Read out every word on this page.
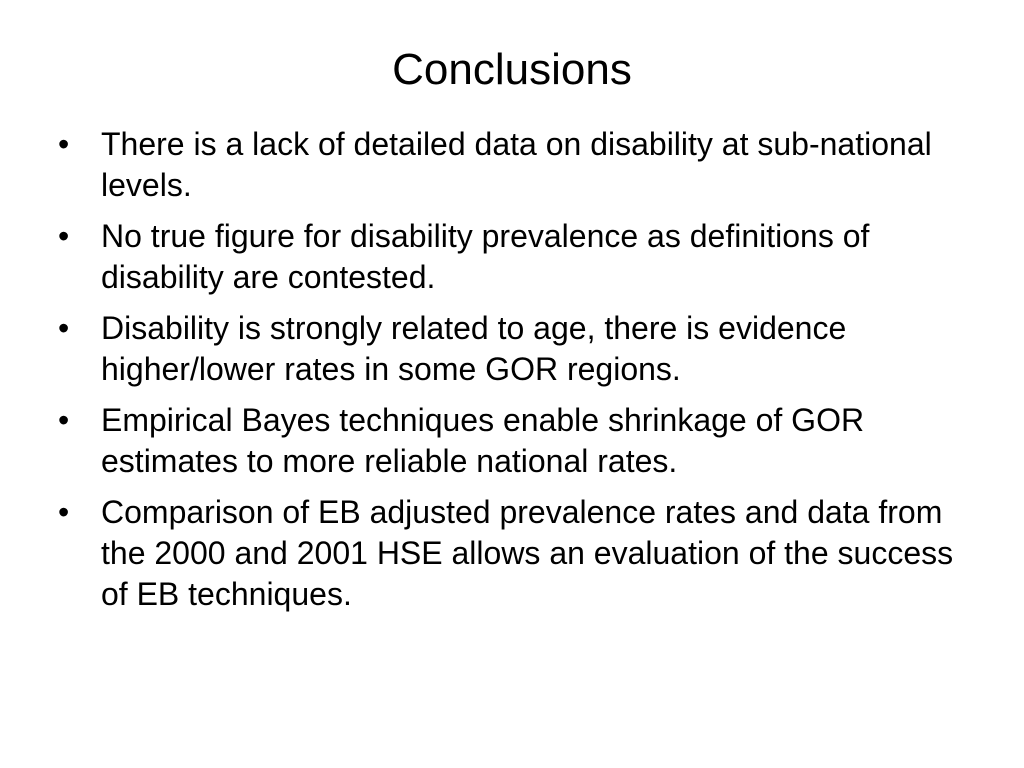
Conclusions
• There is a lack of detailed data on disability at sub-national levels.
• No true figure for disability prevalence as definitions of disability are contested.
• Disability is strongly related to age, there is evidence higher/lower rates in some GOR regions.
• Empirical Bayes techniques enable shrinkage of GOR estimates to more reliable national rates.
• Comparison of EB adjusted prevalence rates and data from the 2000 and 2001 HSE allows an evaluation of the success of EB techniques.
